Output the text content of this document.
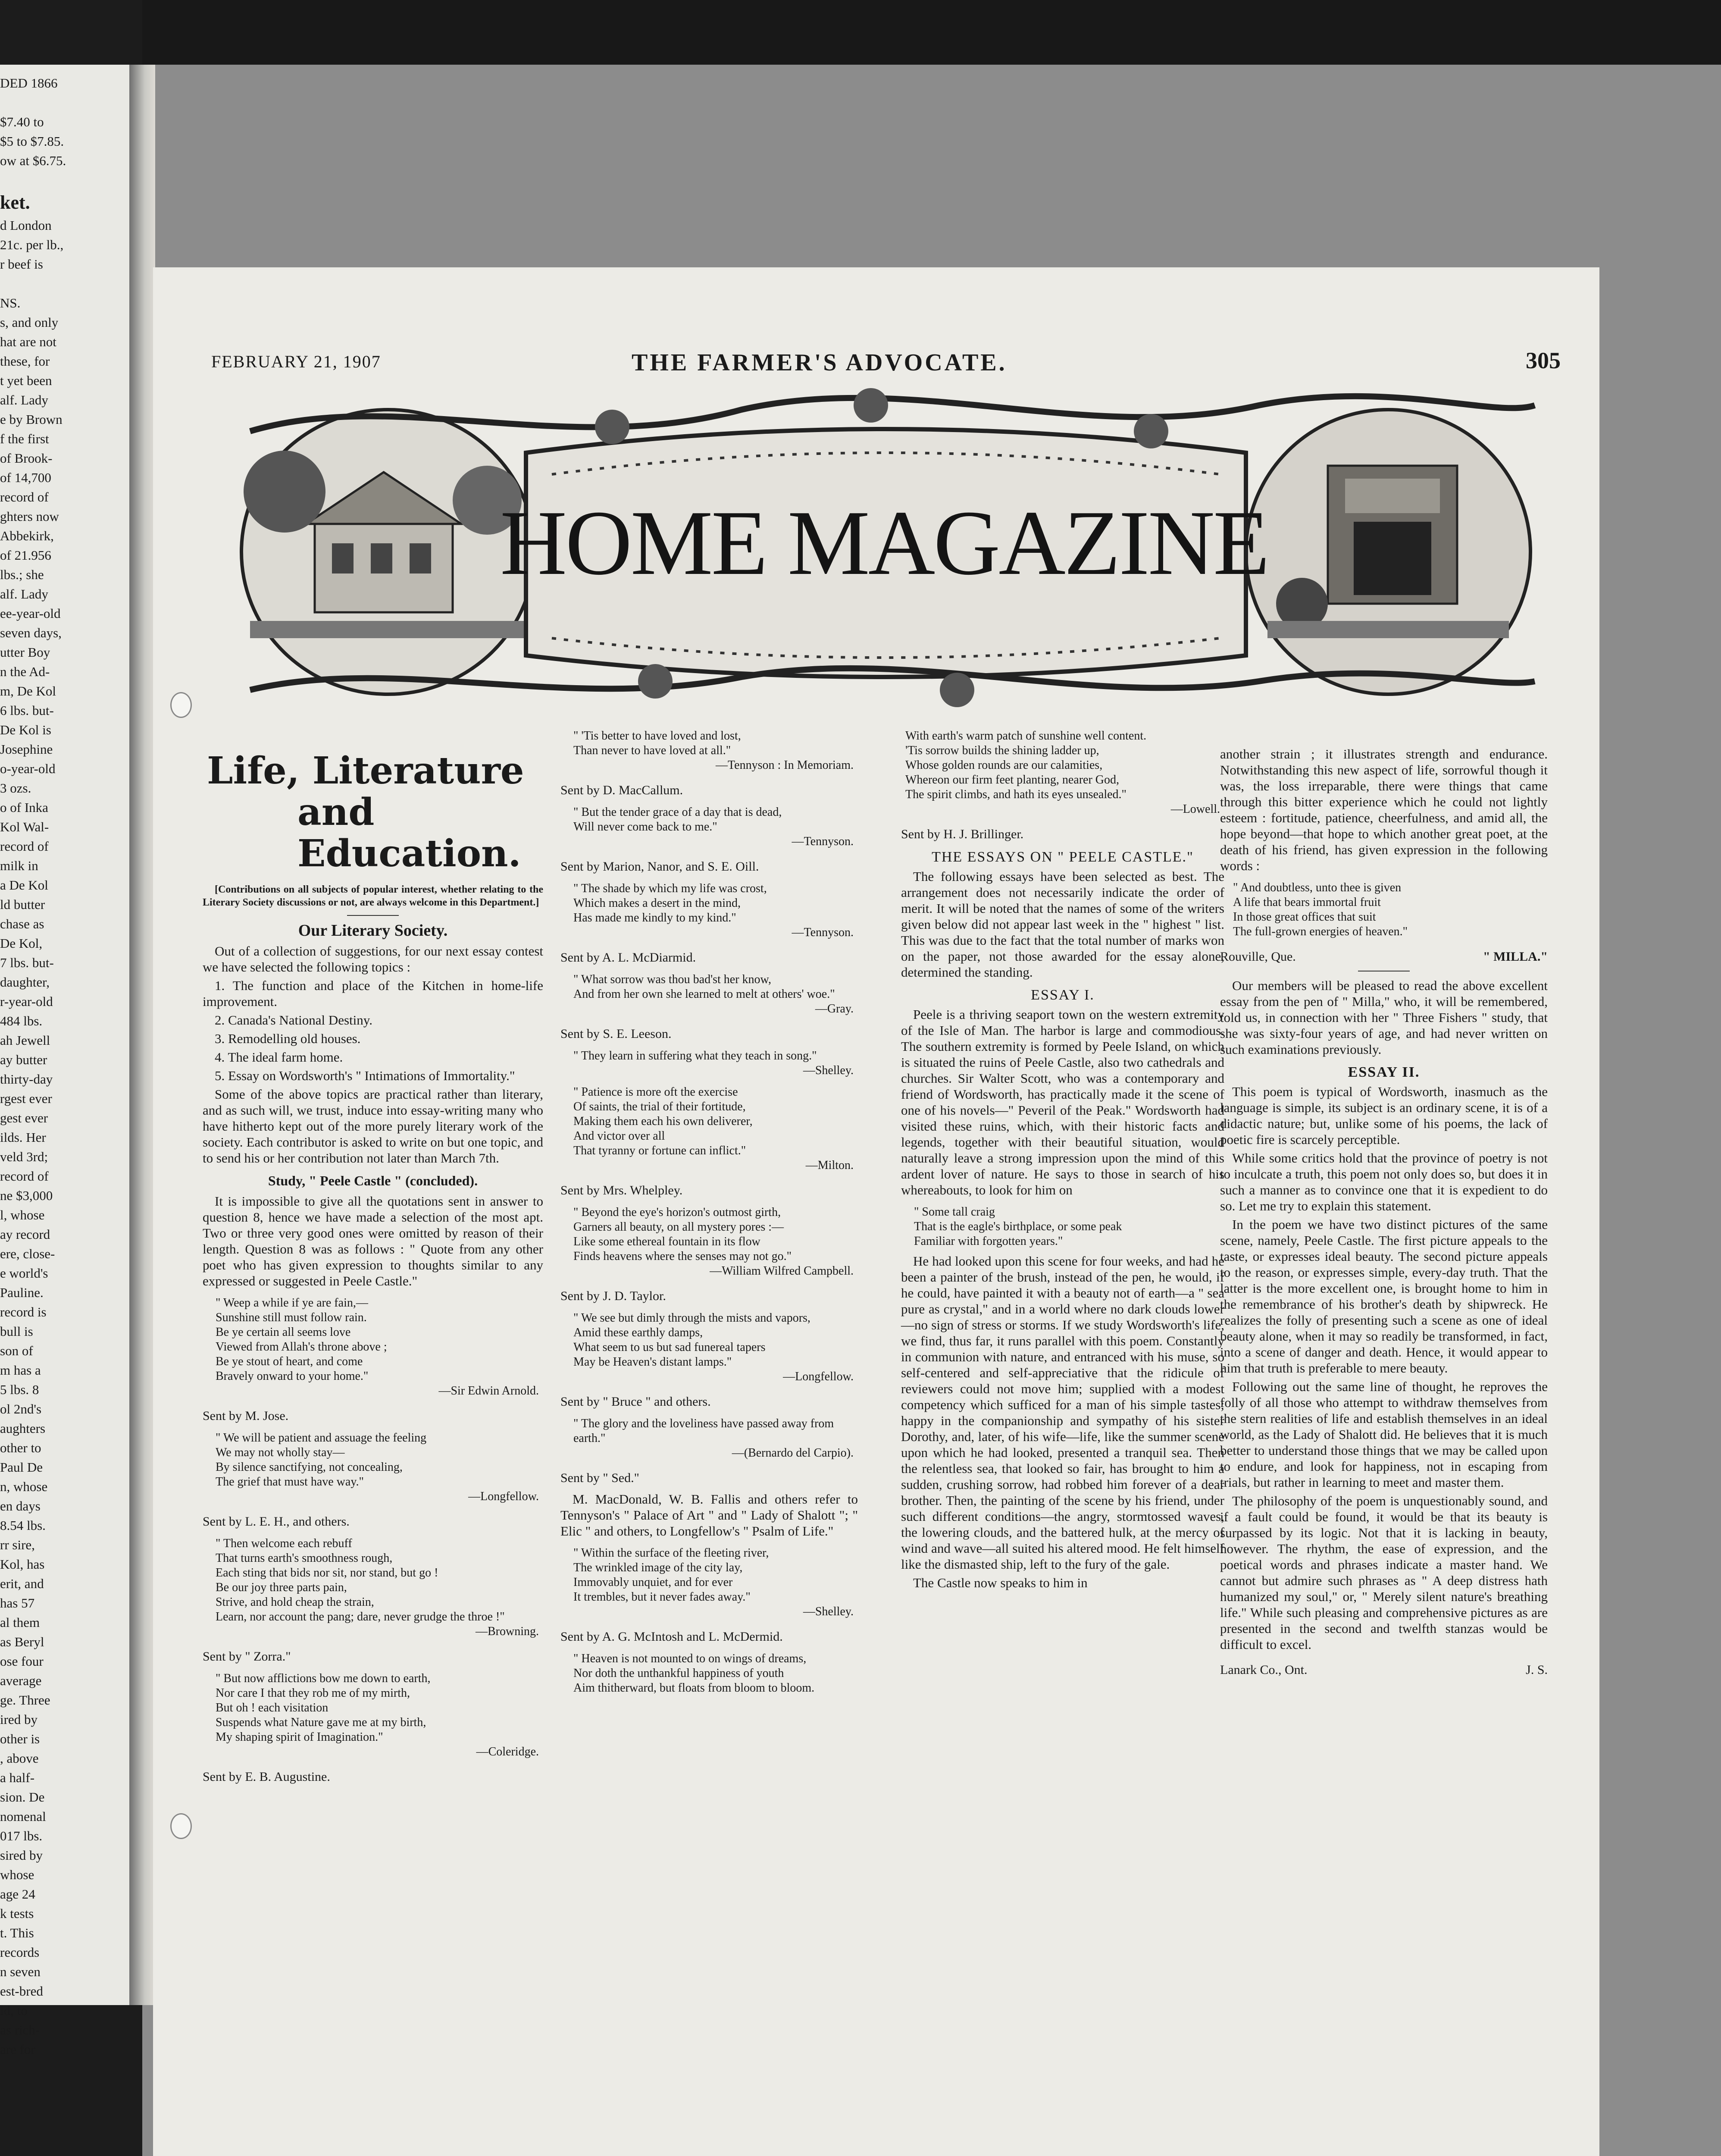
DED 1866

$7.40 to
$5 to $7.85.
ow at $6.75.

ket.
d London
21c. per lb.,
r beef is

NS.
s, and only
hat are not
these, for
t yet been
alf. Lady
e by Brown
f the first
of Brook-
of 14,700
record of
ghters now
Abbekirk,
of 21.956
lbs.; she
alf. Lady
ee-year-old
seven days,
utter Boy
n the Ad-
m, De Kol
6 lbs. but-
De Kol is
Josephine
o-year-old
3 ozs.
o of Inka
Kol Wal-
record of
milk in
a De Kol
ld butter
chase as
De Kol,
7 lbs. but-
daughter,
r-year-old
484 lbs.
ah Jewell
ay butter
thirty-day
rgest ever
gest ever
ilds. Her
veld 3rd;
record of
ne $3,000
l, whose
ay record
ere, close-
e world's
Pauline.
record is
bull is
son of
m has a
5 lbs. 8
ol 2nd's
aughters
other to
Paul De
n, whose
en days
8.54 lbs.
rr sire,
Kol, has
erit, and
has 57
al them
as Beryl
ose four
average
ge. Three
ired by
other is
, above
a half-
sion. De
nomenal
017 lbs.
sired by
whose
age 24
k tests
t. This
records
n seven
est-bred
ld, to
as rich-
are for
FEBRUARY 21, 1907	THE FARMER'S ADVOCATE.	305
HOME MAGAZINE
Life, Literature
and Education.

[Contributions on all subjects of popular interest, whether relating to the Literary Society discussions or not, are always welcome in this Department.]

Our Literary Society.

Out of a collection of suggestions, for our next essay contest we have selected the following topics :

1. The function and place of the Kitchen in home-life improvement.

2. Canada's National Destiny.

3. Remodelling old houses.

4. The ideal farm home.

5. Essay on Wordsworth's " Intimations of Immortality."

Some of the above topics are practical rather than literary, and as such will, we trust, induce into essay-writing many who have hitherto kept out of the more purely literary work of the society. Each contributor is asked to write on but one topic, and to send his or her contribution not later than March 7th.

Study, " Peele Castle " (concluded).

It is impossible to give all the quotations sent in answer to question 8, hence we have made a selection of the most apt. Two or three very good ones were omitted by reason of their length. Question 8 was as follows : " Quote from any other poet who has given expression to thoughts similar to any expressed or suggested in Peele Castle."

" Weep a while if ye are fain,—
Sunshine still must follow rain.
Be ye certain all seems love
Viewed from Allah's throne above ;
Be ye stout of heart, and come
Bravely onward to your home."
—Sir Edwin Arnold.

Sent by M. Jose.

" We will be patient and assuage the feeling
We may not wholly stay—
By silence sanctifying, not concealing,
The grief that must have way."
—Longfellow.

Sent by L. E. H., and others.

" Then welcome each rebuff
That turns earth's smoothness rough,
Each sting that bids nor sit, nor stand, but go !
Be our joy three parts pain,
Strive, and hold cheap the strain,
Learn, nor account the pang; dare, never grudge the throe !"
—Browning.

Sent by " Zorra."

" But now afflictions bow me down to earth,
Nor care I that they rob me of my mirth,
But oh ! each visitation
Suspends what Nature gave me at my birth,
My shaping spirit of Imagination."
—Coleridge.

Sent by E. B. Augustine.

" 'Tis better to have loved and lost,
Than never to have loved at all."
—Tennyson : In Memoriam.

Sent by D. MacCallum.

" But the tender grace of a day that is dead,
Will never come back to me."
—Tennyson.

Sent by Marion, Nanor, and S. E. Oill.

" The shade by which my life was crost,
Which makes a desert in the mind,
Has made me kindly to my kind."
—Tennyson.

Sent by A. L. McDiarmid.

" What sorrow was thou bad'st her know,
And from her own she learned to melt at others' woe."
—Gray.

Sent by S. E. Leeson.

" They learn in suffering what they teach in song."
—Shelley.
" Patience is more oft the exercise
Of saints, the trial of their fortitude,
Making them each his own deliverer,
And victor over all
That tyranny or fortune can inflict."
—Milton.

Sent by Mrs. Whelpley.

" Beyond the eye's horizon's outmost girth,
Garners all beauty, on all mystery pores :—
Like some ethereal fountain in its flow
Finds heavens where the senses may not go."
—William Wilfred Campbell.

Sent by J. D. Taylor.

" We see but dimly through the mists and vapors,
Amid these earthly damps,
What seem to us but sad funereal tapers
May be Heaven's distant lamps."
—Longfellow.

Sent by " Bruce " and others.

" The glory and the loveliness have passed away from earth."
—(Bernardo del Carpio).

Sent by " Sed."

M. MacDonald, W. B. Fallis and others refer to Tennyson's " Palace of Art " and " Lady of Shalott "; " Elic " and others, to Longfellow's " Psalm of Life."

" Within the surface of the fleeting river,
The wrinkled image of the city lay,
Immovably unquiet, and for ever
It trembles, but it never fades away."
—Shelley.

Sent by A. G. McIntosh and L. McDermid.

" Heaven is not mounted to on wings of dreams,
Nor doth the unthankful happiness of youth
Aim thitherward, but floats from bloom to bloom.
With earth's warm patch of sunshine well content.
'Tis sorrow builds the shining ladder up,
Whose golden rounds are our calamities,
Whereon our firm feet planting, nearer God,
The spirit climbs, and hath its eyes unsealed."
—Lowell.

Sent by H. J. Brillinger.

THE ESSAYS ON " PEELE CASTLE."

The following essays have been selected as best. The arrangement does not necessarily indicate the order of merit. It will be noted that the names of some of the writers given below did not appear last week in the " highest " list. This was due to the fact that the total number of marks won on the paper, not those awarded for the essay alone, determined the standing.

ESSAY I.

Peele is a thriving seaport town on the western extremity of the Isle of Man. The harbor is large and commodious. The southern extremity is formed by Peele Island, on which is situated the ruins of Peele Castle, also two cathedrals and churches. Sir Walter Scott, who was a contemporary and friend of Wordsworth, has practically made it the scene of one of his novels—" Peveril of the Peak." Wordsworth had visited these ruins, which, with their historic facts and legends, together with their beautiful situation, would naturally leave a strong impression upon the mind of this ardent lover of nature. He says to those in search of his whereabouts, to look for him on

" Some tall craig
That is the eagle's birthplace, or some peak
Familiar with forgotten years."

He had looked upon this scene for four weeks, and had he been a painter of the brush, instead of the pen, he would, if he could, have painted it with a beauty not of earth—a " sea pure as crystal," and in a world where no dark clouds lower—no sign of stress or storms. If we study Wordsworth's life, we find, thus far, it runs parallel with this poem. Constantly in communion with nature, and entranced with his muse, so self-centered and self-appreciative that the ridicule of reviewers could not move him; supplied with a modest competency which sufficed for a man of his simple tastes; happy in the companionship and sympathy of his sister Dorothy, and, later, of his wife—life, like the summer scene upon which he had looked, presented a tranquil sea. Then the relentless sea, that looked so fair, has brought to him a sudden, crushing sorrow, had robbed him forever of a dear brother. Then, the painting of the scene by his friend, under such different conditions—the angry, stormtossed waves, the lowering clouds, and the battered hulk, at the mercy of wind and wave—all suited his altered mood. He felt himself like the dismasted ship, left to the fury of the gale.

The Castle now speaks to him in

another strain ; it illustrates strength and endurance. Notwithstanding this new aspect of life, sorrowful though it was, the loss irreparable, there were things that came through this bitter experience which he could not lightly esteem : fortitude, patience, cheerfulness, and amid all, the hope beyond—that hope to which another great poet, at the death of his friend, has given expression in the following words :

" And doubtless, unto thee is given
A life that bears immortal fruit
In those great offices that suit
The full-grown energies of heaven."

Rouville, Que.	" MILLA."

Our members will be pleased to read the above excellent essay from the pen of " Milla," who, it will be remembered, told us, in connection with her " Three Fishers " study, that she was sixty-four years of age, and had never written on such examinations previously.

ESSAY II.

This poem is typical of Wordsworth, inasmuch as the language is simple, its subject is an ordinary scene, it is of a didactic nature; but, unlike some of his poems, the lack of poetic fire is scarcely perceptible.

While some critics hold that the province of poetry is not to inculcate a truth, this poem not only does so, but does it in such a manner as to convince one that it is expedient to do so. Let me try to explain this statement.

In the poem we have two distinct pictures of the same scene, namely, Peele Castle. The first picture appeals to the taste, or expresses ideal beauty. The second picture appeals to the reason, or expresses simple, every-day truth. That the latter is the more excellent one, is brought home to him in the remembrance of his brother's death by shipwreck. He realizes the folly of presenting such a scene as one of ideal beauty alone, when it may so readily be transformed, in fact, into a scene of danger and death. Hence, it would appear to him that truth is preferable to mere beauty.

Following out the same line of thought, he reproves the folly of all those who attempt to withdraw themselves from the stern realities of life and establish themselves in an ideal world, as the Lady of Shalott did. He believes that it is much better to understand those things that we may be called upon to endure, and look for happiness, not in escaping from trials, but rather in learning to meet and master them.

The philosophy of the poem is unquestionably sound, and if a fault could be found, it would be that its beauty is surpassed by its logic. Not that it is lacking in beauty, however. The rhythm, the ease of expression, and the poetical words and phrases indicate a master hand. We cannot but admire such phrases as " A deep distress hath humanized my soul," or, " Merely silent nature's breathing life." While such pleasing and comprehensive pictures as are presented in the second and twelfth stanzas would be difficult to excel.

Lanark Co., Ont.	J. S.
